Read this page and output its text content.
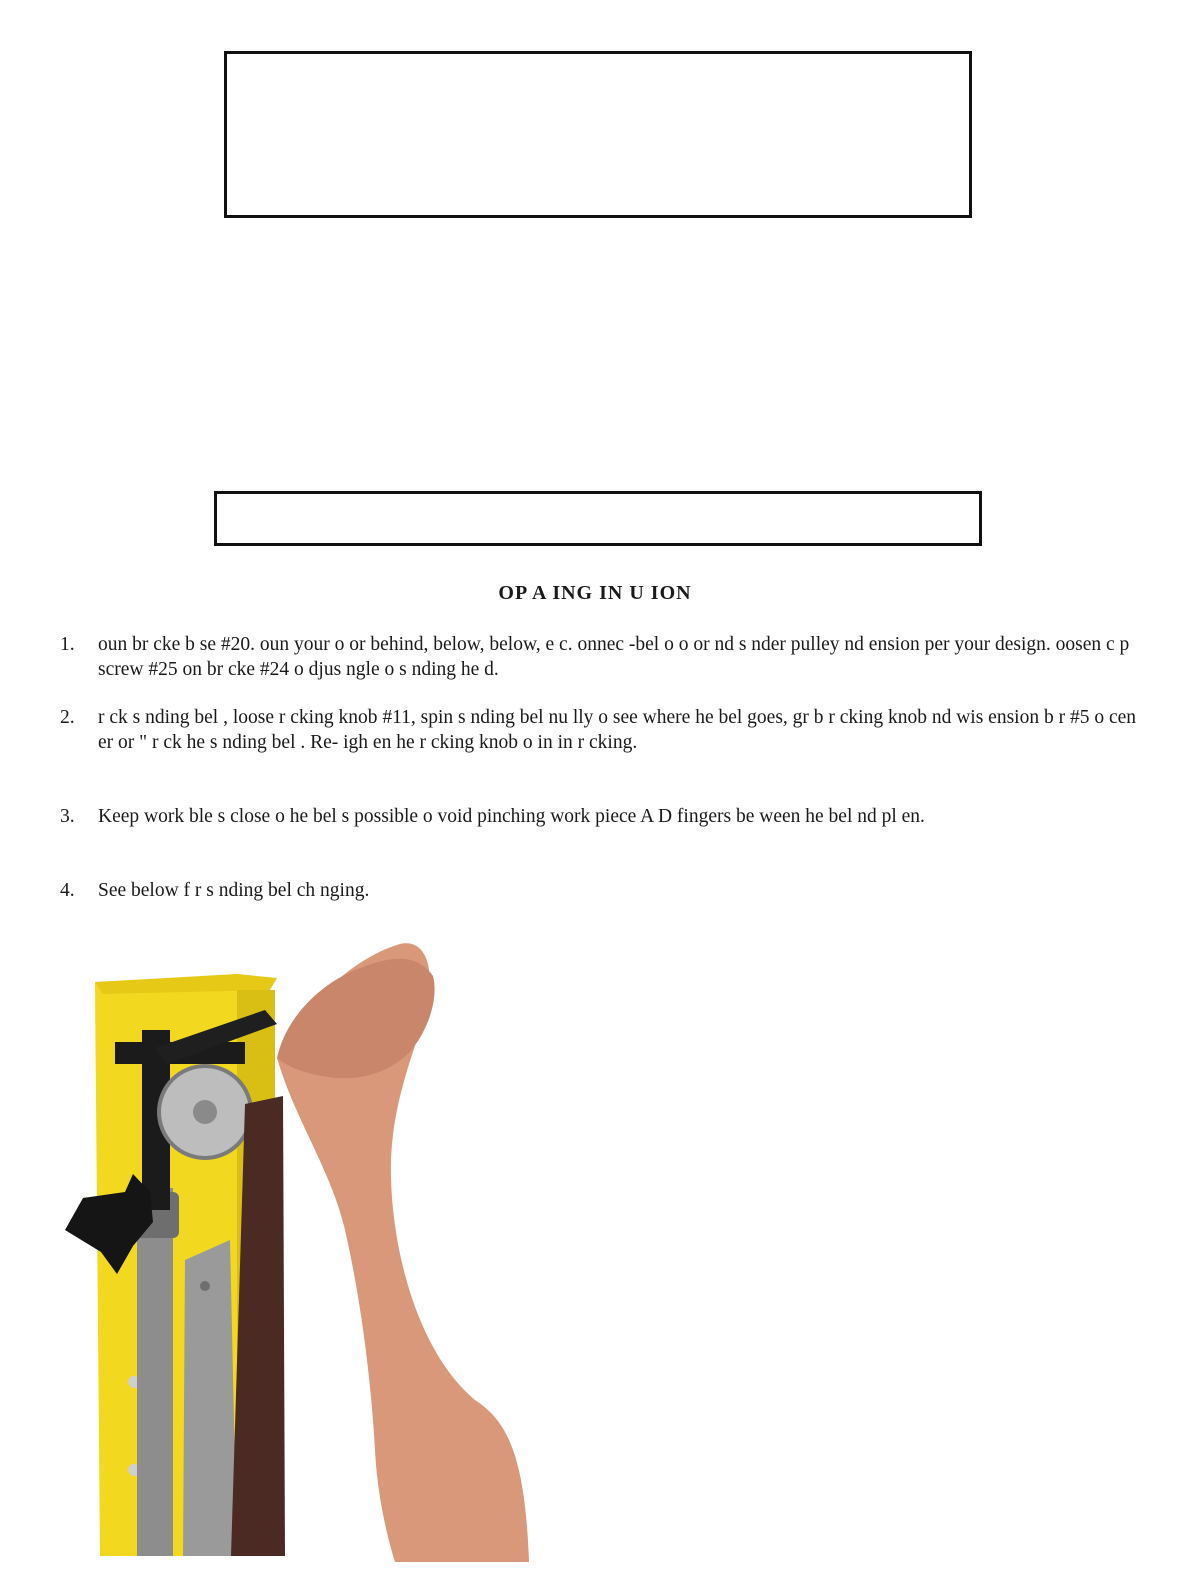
OP A ING IN U ION
1. oun br cke b se #20. oun your o or behind, below, below, e c. onnec -bel o o or nd s nder pulley nd ension per your design. oosen c p screw #25 on br cke #24 o djus ngle o s nding he d.
2. r ck s nding bel , loose r cking knob #11, spin s nding bel nu lly o see where he bel goes, gr b r cking knob nd wis ension b r #5 o cen er or " r ck he s nding bel . Re- igh en he r cking knob o in in r cking.
3. Keep work ble s close o he bel s possible o void pinching work piece A D fingers be ween he bel nd pl en.
4. See below f r s nding bel ch nging.
